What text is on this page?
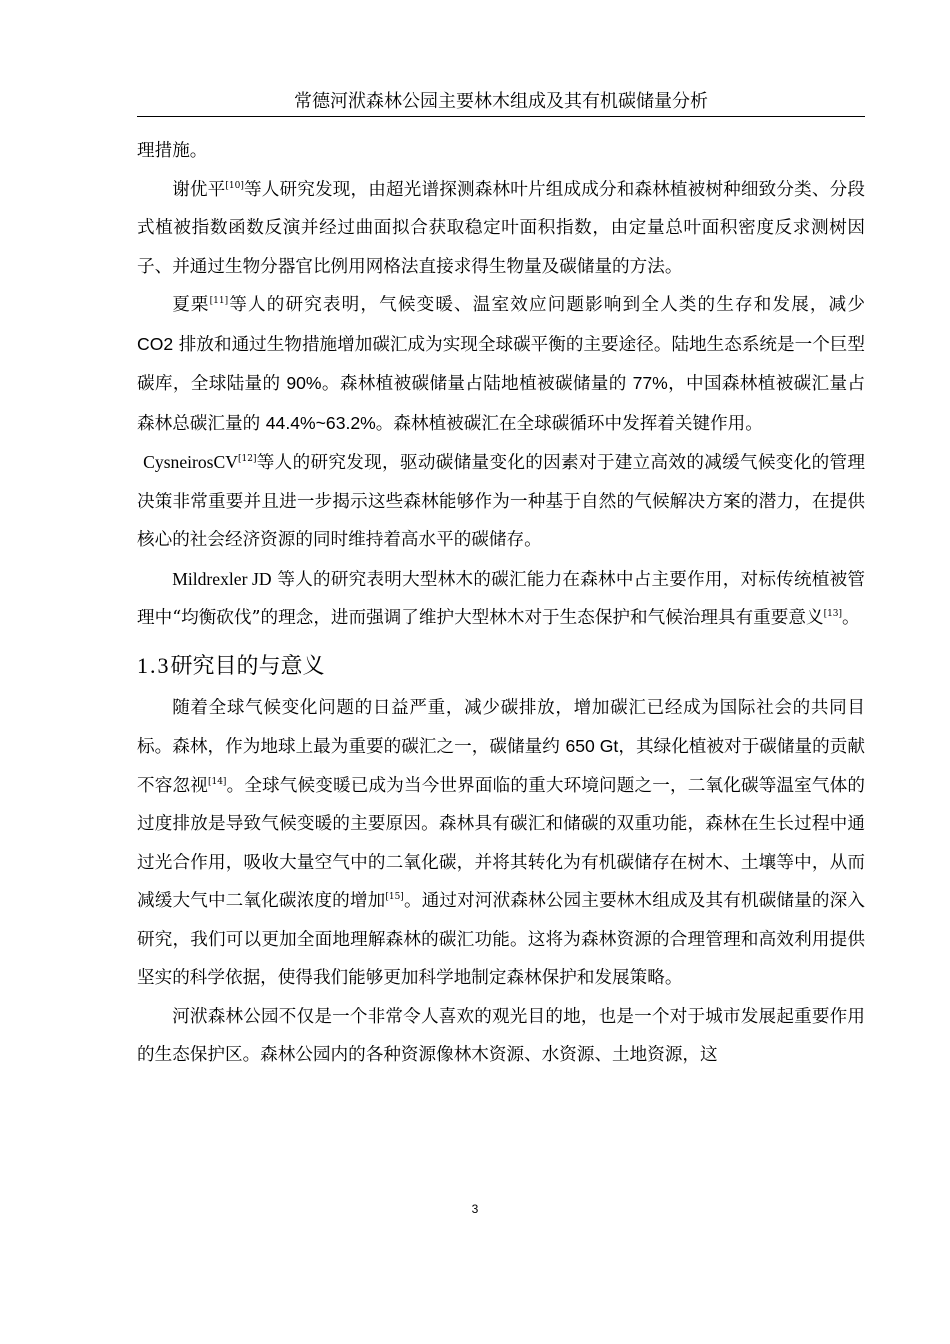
常德河洑森林公园主要林木组成及其有机碳储量分析

理措施。

谢优平[10]等人研究发现，由超光谱探测森林叶片组成成分和森林植被树种细致分类、分段式植被指数函数反演并经过曲面拟合获取稳定叶面积指数，由定量总叶面积密度反求测树因子、并通过生物分器官比例用网格法直接求得生物量及碳储量的方法。

夏栗[11]等人的研究表明，气候变暖、温室效应问题影响到全人类的生存和发展，减少 CO2 排放和通过生物措施增加碳汇成为实现全球碳平衡的主要途径。陆地生态系统是一个巨型碳库，全球陆量的 90%。森林植被碳储量占陆地植被碳储量的 77%，中国森林植被碳汇量占森林总碳汇量的 44.4%~63.2%。森林植被碳汇在全球碳循环中发挥着关键作用。

CysneirosCV[12]等人的研究发现，驱动碳储量变化的因素对于建立高效的减缓气候变化的管理决策非常重要并且进一步揭示这些森林能够作为一种基于自然的气候解决方案的潜力，在提供核心的社会经济资源的同时维持着高水平的碳储存。

Mildrexler JD 等人的研究表明大型林木的碳汇能力在森林中占主要作用，对标传统植被管理中“均衡砍伐”的理念，进而强调了维护大型林木对于生态保护和气候治理具有重要意义[13]。

1.3研究目的与意义

随着全球气候变化问题的日益严重，减少碳排放，增加碳汇已经成为国际社会的共同目标。森林，作为地球上最为重要的碳汇之一，碳储量约 650 Gt，其绿化植被对于碳储量的贡献不容忽视[14]。全球气候变暖已成为当今世界面临的重大环境问题之一，二氧化碳等温室气体的过度排放是导致气候变暖的主要原因。森林具有碳汇和储碳的双重功能，森林在生长过程中通过光合作用，吸收大量空气中的二氧化碳，并将其转化为有机碳储存在树木、土壤等中，从而减缓大气中二氧化碳浓度的增加[15]。通过对河洑森林公园主要林木组成及其有机碳储量的深入研究，我们可以更加全面地理解森林的碳汇功能。这将为森林资源的合理管理和高效利用提供坚实的科学依据，使得我们能够更加科学地制定森林保护和发展策略。

河洑森林公园不仅是一个非常令人喜欢的观光目的地，也是一个对于城市发展起重要作用的生态保护区。森林公园内的各种资源像林木资源、水资源、土地资源，这

3
